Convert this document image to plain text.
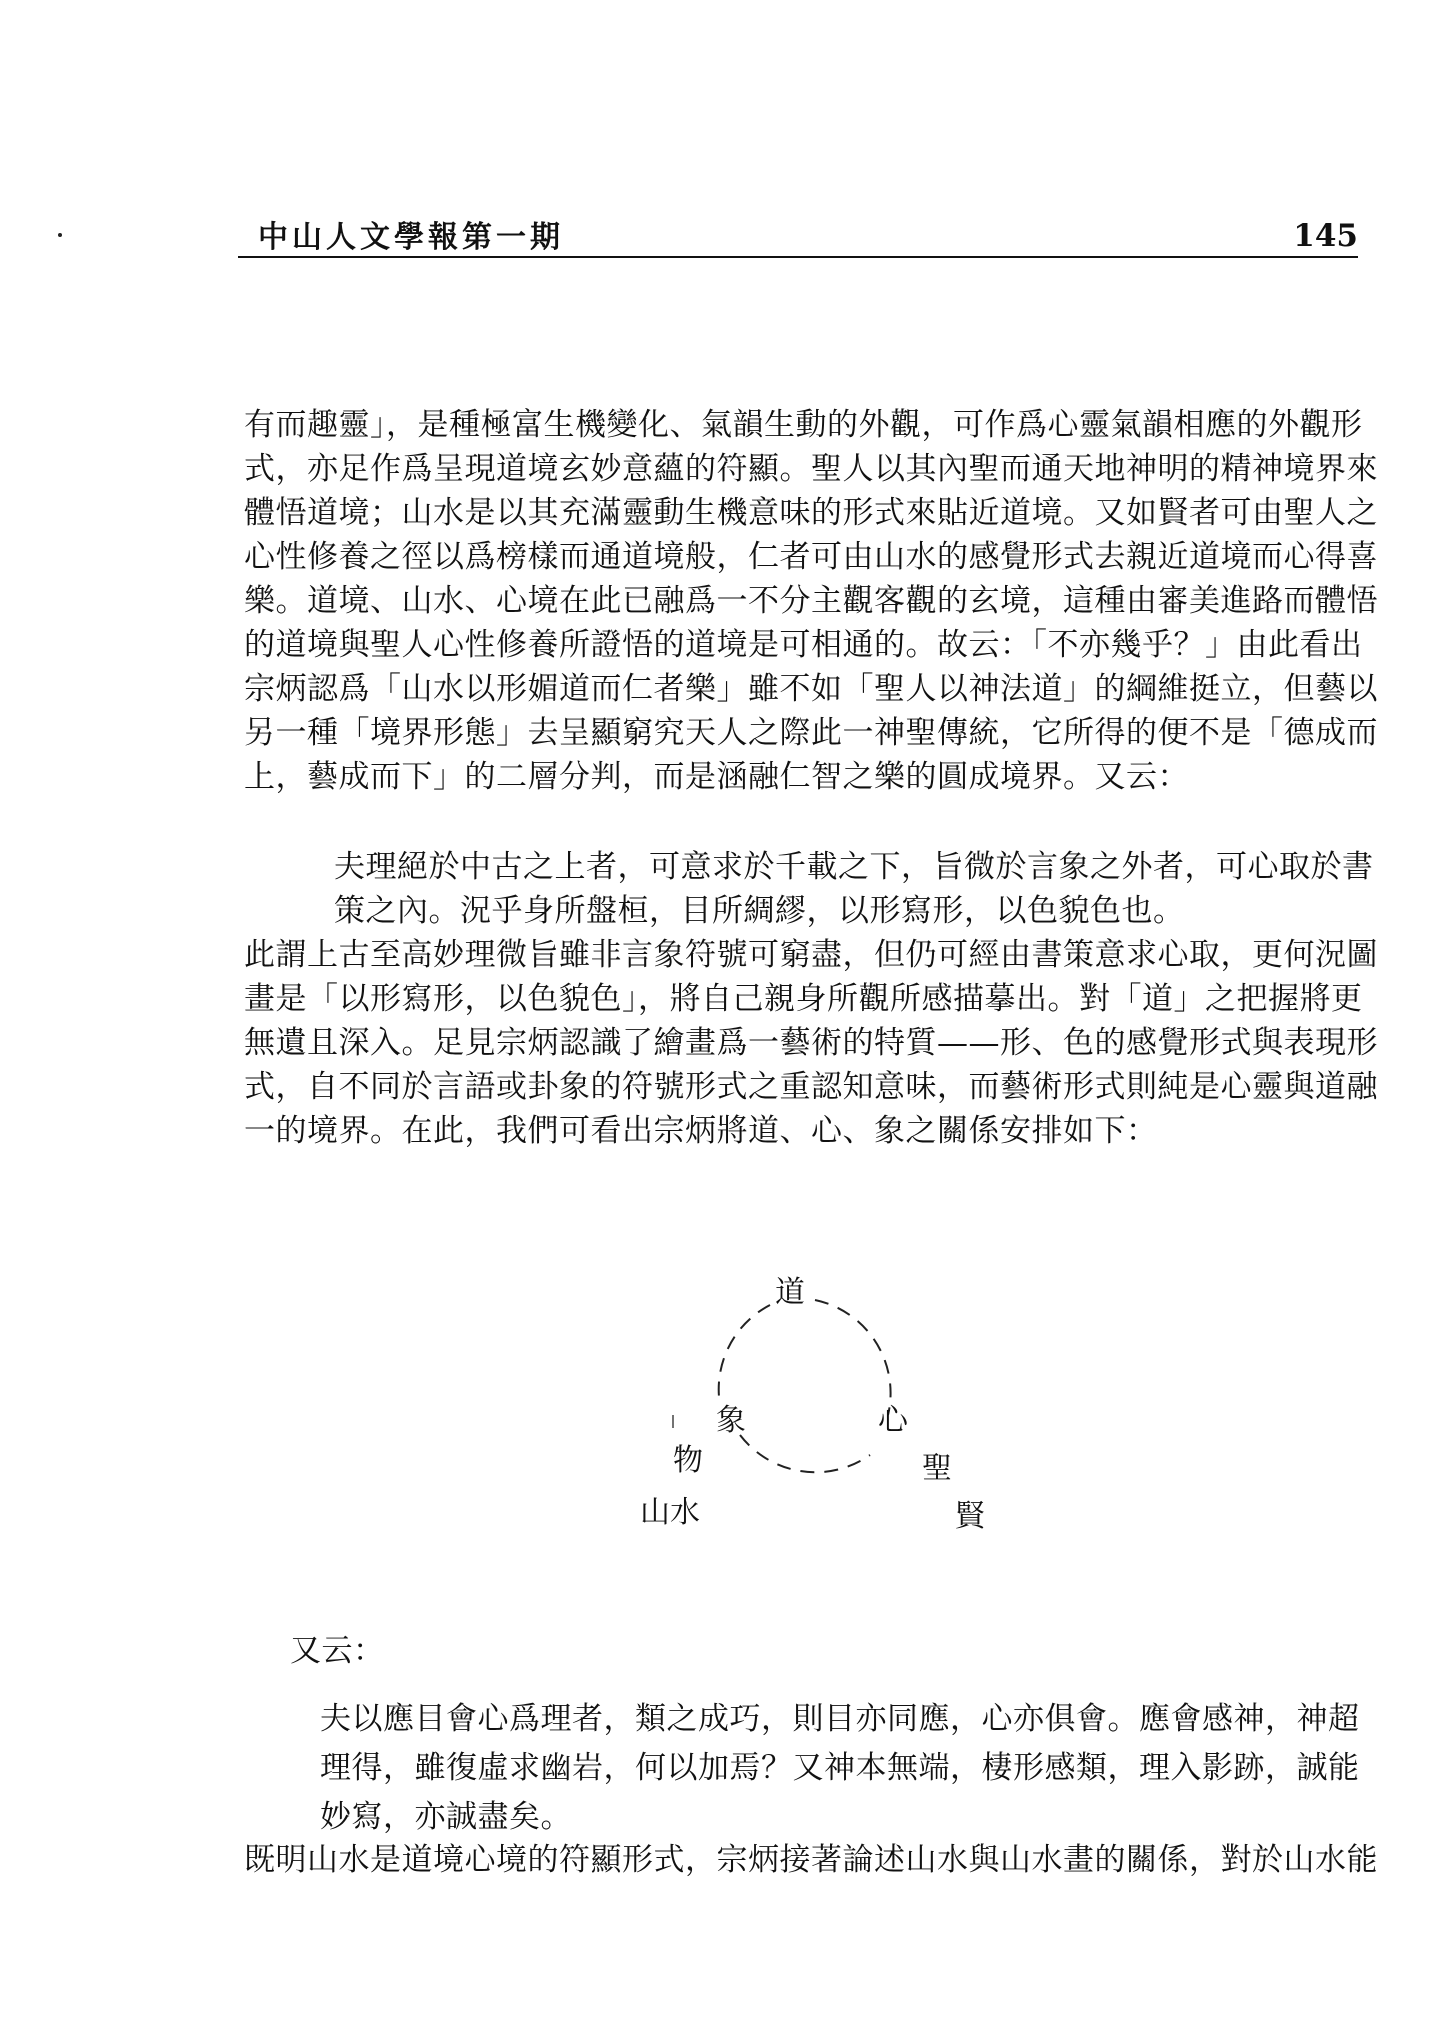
中山人文學報第一期	145
有而趣靈」，是種極富生機變化、氣韻生動的外觀，可作爲心靈氣韻相應的外觀形
式，亦足作爲呈現道境玄妙意蘊的符顯。聖人以其內聖而通天地神明的精神境界來
體悟道境；山水是以其充滿靈動生機意味的形式來貼近道境。又如賢者可由聖人之
心性修養之徑以爲榜樣而通道境般，仁者可由山水的感覺形式去親近道境而心得喜
樂。道境、山水、心境在此已融爲一不分主觀客觀的玄境，這種由審美進路而體悟
的道境與聖人心性修養所證悟的道境是可相通的。故云：「不亦幾乎？」由此看出
宗炳認爲「山水以形媚道而仁者樂」雖不如「聖人以神法道」的綱維挺立，但藝以
另一種「境界形態」去呈顯窮究天人之際此一神聖傳統，它所得的便不是「德成而
上，藝成而下」的二層分判，而是涵融仁智之樂的圓成境界。又云：
夫理絕於中古之上者，可意求於千載之下，旨微於言象之外者，可心取於書
策之內。況乎身所盤桓，目所綢繆，以形寫形，以色貌色也。
此謂上古至高妙理微旨雖非言象符號可窮盡，但仍可經由書策意求心取，更何況圖
畫是「以形寫形，以色貌色」，將自己親身所觀所感描摹出。對「道」之把握將更
無遺且深入。足見宗炳認識了繪畫爲一藝術的特質——形、色的感覺形式與表現形
式，自不同於言語或卦象的符號形式之重認知意味，而藝術形式則純是心靈與道融
一的境界。在此，我們可看出宗炳將道、心、象之關係安排如下：
道
心
象
物
山水
聖
賢
又云：
夫以應目會心爲理者，類之成巧，則目亦同應，心亦俱會。應會感神，神超
理得，雖復虛求幽岩，何以加焉？又神本無端，棲形感類，理入影跡，誠能
妙寫，亦誠盡矣。
既明山水是道境心境的符顯形式，宗炳接著論述山水與山水畫的關係，對於山水能
